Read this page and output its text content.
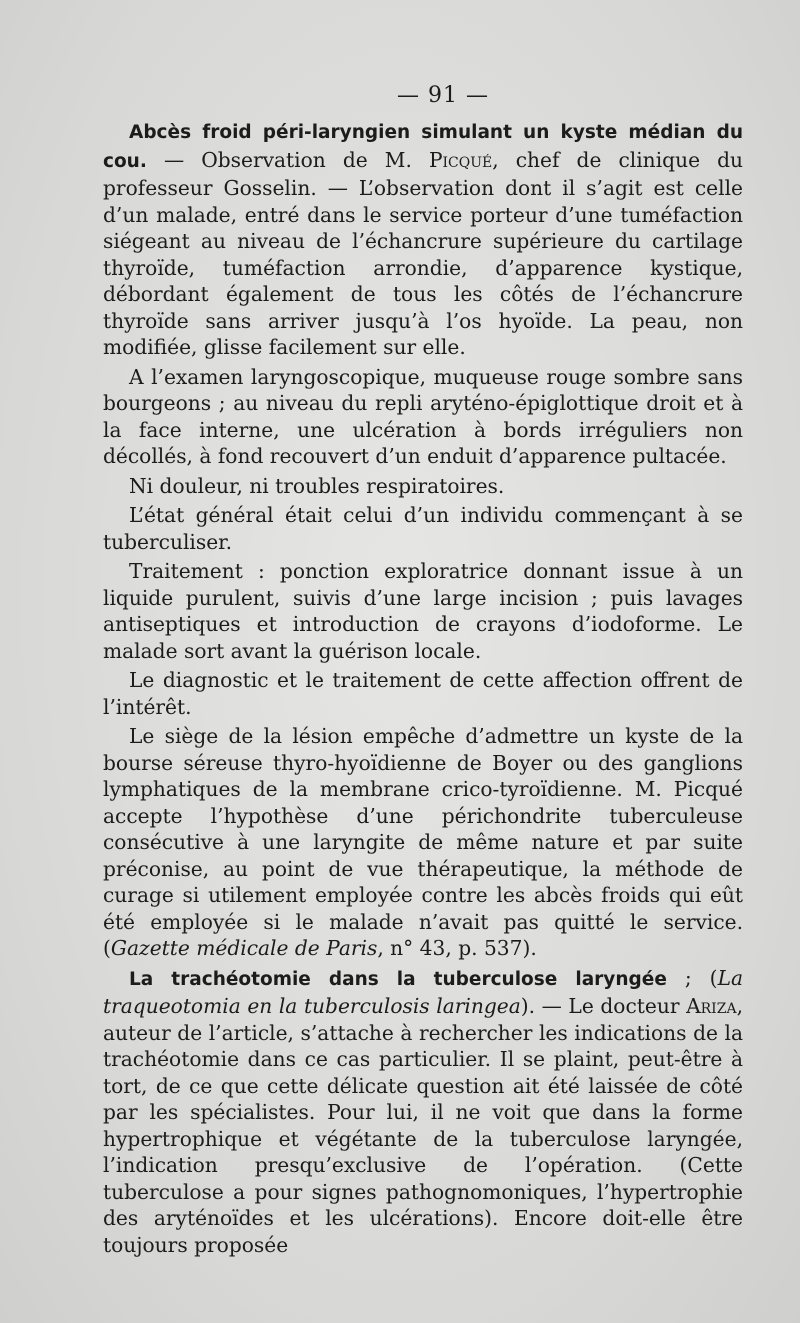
— 91 —

Abcès froid péri-laryngien simulant un kyste médian du cou. — Observation de M. Picqué, chef de clinique du professeur Gosselin. — L’observation dont il s’agit est celle d’un malade, entré dans le service porteur d’une tuméfaction siégeant au niveau de l’échancrure supérieure du cartilage thyroïde, tuméfaction arrondie, d’apparence kystique, débordant également de tous les côtés de l’échancrure thyroïde sans arriver jusqu’à l’os hyoïde. La peau, non modifiée, glisse facilement sur elle.

A l’examen laryngoscopique, muqueuse rouge sombre sans bourgeons ; au niveau du repli aryténo-épiglottique droit et à la face interne, une ulcération à bords irréguliers non décollés, à fond recouvert d’un enduit d’apparence pultacée.

Ni douleur, ni troubles respiratoires.

L’état général était celui d’un individu commençant à se tuberculiser.

Traitement : ponction exploratrice donnant issue à un liquide purulent, suivis d’une large incision ; puis lavages antiseptiques et introduction de crayons d’iodoforme. Le malade sort avant la guérison locale.

Le diagnostic et le traitement de cette affection offrent de l’intérêt.

Le siège de la lésion empêche d’admettre un kyste de la bourse séreuse thyro-hyoïdienne de Boyer ou des ganglions lymphatiques de la membrane crico-tyroïdienne. M. Picqué accepte l’hypothèse d’une périchondrite tuberculeuse consécutive à une laryngite de même nature et par suite préconise, au point de vue thérapeutique, la méthode de curage si utilement employée contre les abcès froids qui eût été employée si le malade n’avait pas quitté le service. (Gazette médicale de Paris, n° 43, p. 537).

La trachéotomie dans la tuberculose laryngée ; (La traqueotomia en la tuberculosis laringea). — Le docteur Ariza, auteur de l’article, s’attache à rechercher les indications de la trachéotomie dans ce cas particulier. Il se plaint, peut-être à tort, de ce que cette délicate question ait été laissée de côté par les spécialistes. Pour lui, il ne voit que dans la forme hypertrophique et végétante de la tuberculose laryngée, l’indication presqu’exclusive de l’opération. (Cette tuberculose a pour signes pathognomoniques, l’hypertrophie des aryténoïdes et les ulcérations). Encore doit-elle être toujours proposée
